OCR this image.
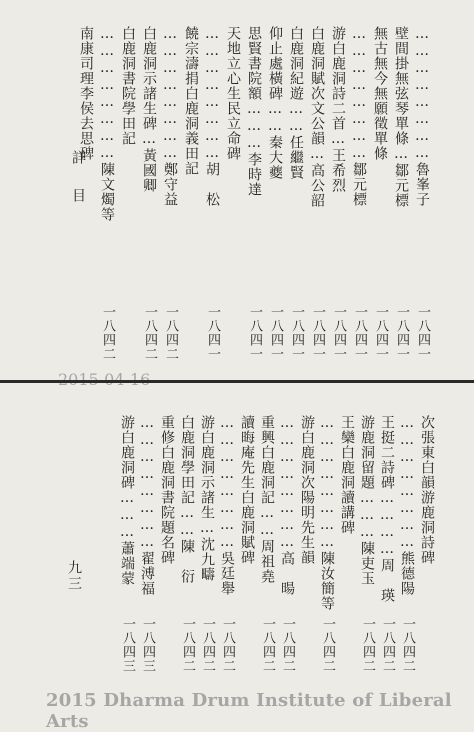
詳目	……………………魯峯子
一八四一
壁間掛無弦琴單條…鄒元標
一八四一
無古無今無願徵單條
一八四一
……………………鄒元標
一八四一
游白鹿洞詩二首…王希烈
一八四一
白鹿洞賦次文公韻…高公韶
一八四一
白鹿洞紀遊……任繼賢
一八四一
仰止處橫碑……秦大夔
一八四一
思賢書院額………李時達
一八四一
天地立心生民立命碑
……………………胡　松
一八四一
饒宗濤捐白鹿洞義田記
……………………鄭守益
一八四二
白鹿洞示諸生碑…黃國卿
一八四二
白鹿洞書院學田記
……………………陳文燭等
一八四二
南康司理李侯去思碑
九三
次張東白韻游鹿洞詩碑
……………………熊德陽
一八四二
王挺二詩碑…………周　瑛
一八四二
游鹿洞留題………陳吏玉
一八四二
王欒白鹿洞讀講碑
……………………陳汝簡等
一八四二
游白鹿洞次陽明先生韻
……………………高　暘
一八四二
重興白鹿洞記……周祖堯
一八四二
讀晦庵先生白鹿洞賦碑
……………………吳廷舉
一八四二
游白鹿洞示諸生…沈九疇
一八四二
白鹿洞學田記……陳　衍
一八四二
重修白鹿洞書院題名碑
……………………翟溥福
一八四三
游白鹿洞碑………蕭端蒙
一八四三
2015 Dharma Drum Institute of Liberal Arts
